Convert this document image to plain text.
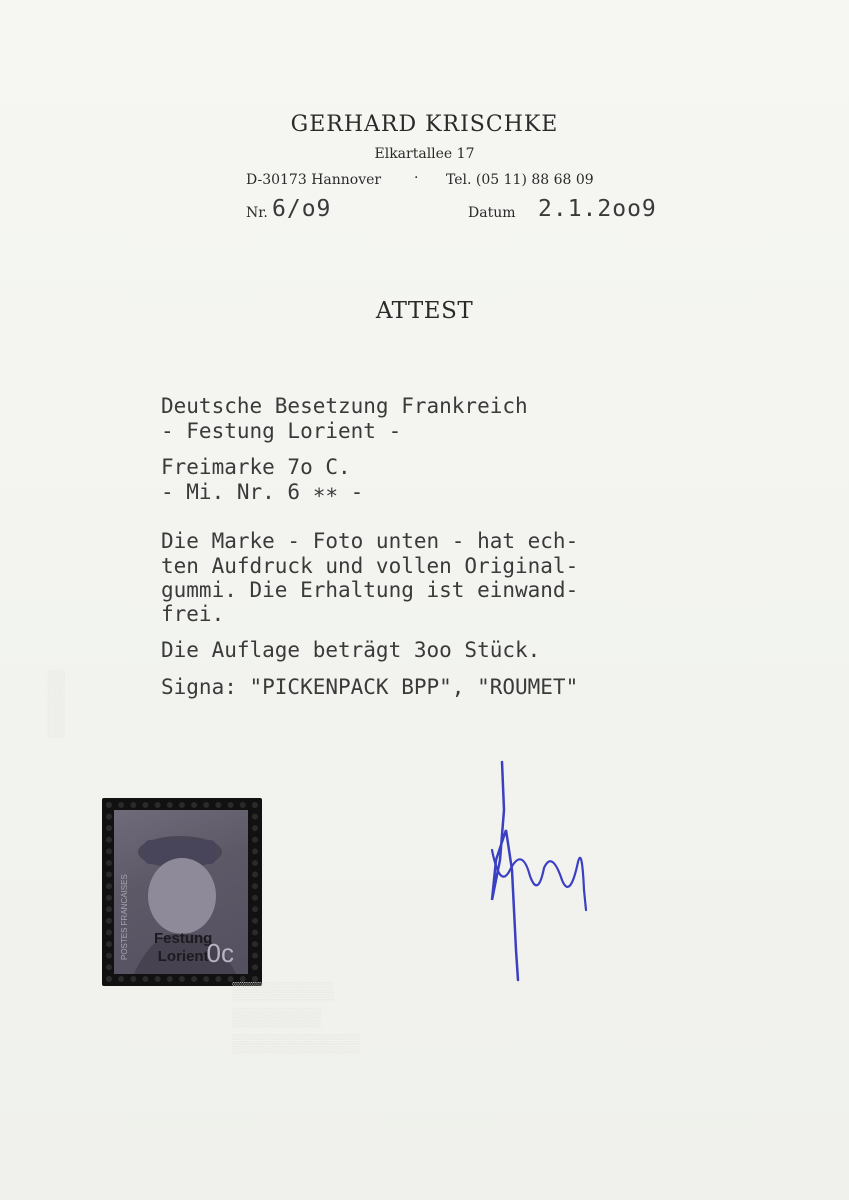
GERHARD KRISCHKE
Elkartallee 17
D-30173 Hannover · Tel. (05 11) 88 68 09
Nr. 6/o9	Datum 2.1.2oo9
ATTEST
Deutsche Besetzung Frankreich
- Festung Lorient -
Freimarke 7o C.
- Mi. Nr. 6 ∗∗ -
Die Marke - Foto unten - hat ech-
ten Aufdruck und vollen Original-
gummi. Die Erhaltung ist einwand-
frei.
Die Auflage beträgt 3oo Stück.
Signa: "PICKENPACK BPP", "ROUMET"
▒▒▒▒▒▒
POSTES FRANCAISES Festung
Lorient
0c
▒▒▒▒▒▒▒▒
▒▒▒▒▒▒▒
▒▒▒▒▒▒▒▒▒▒
